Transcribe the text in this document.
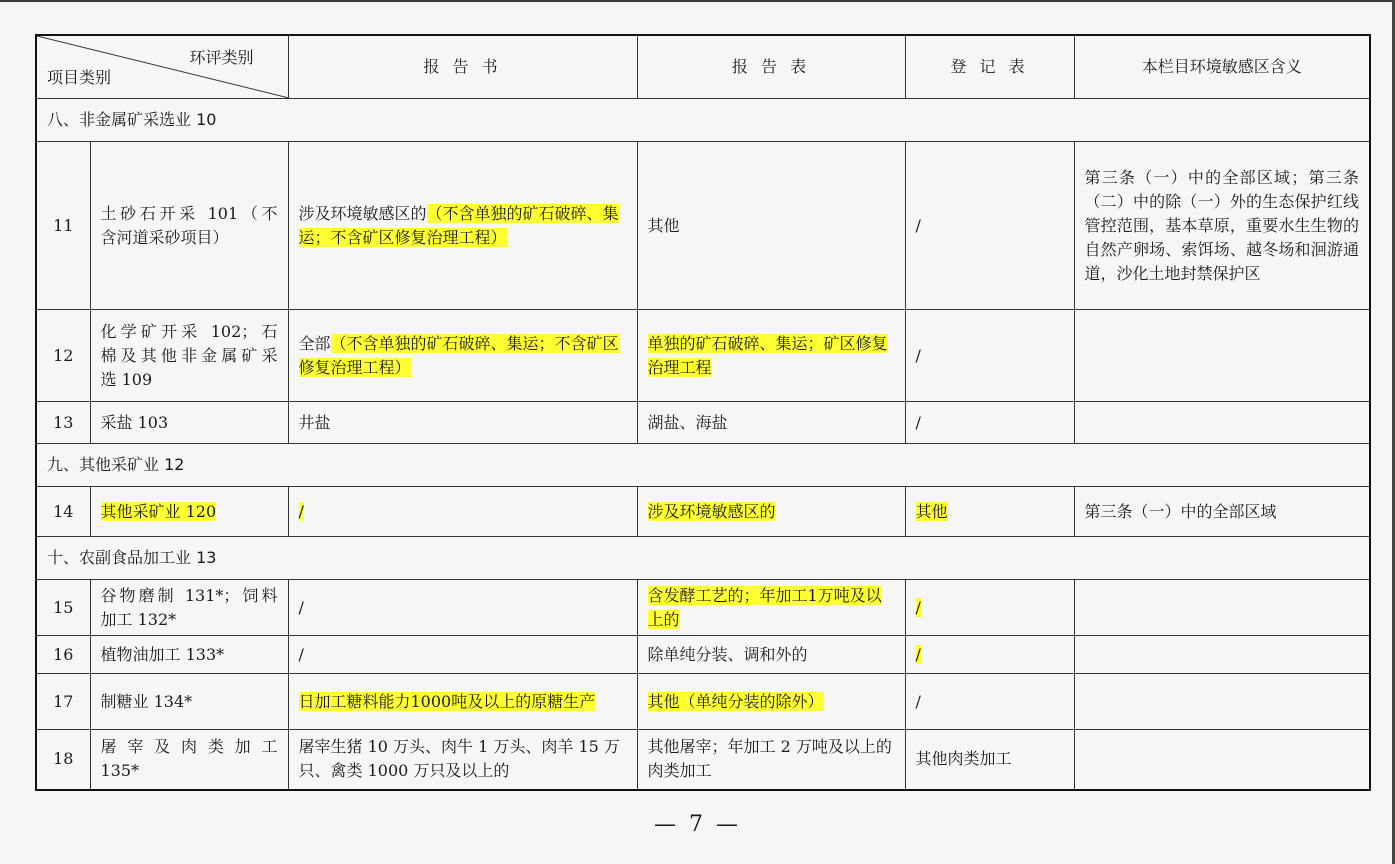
环评类别
项目类别		报 告 书	报 告 表	登 记 表	本栏目环境敏感区含义
八、非金属矿采选业 10					
11	土砂石开采 101（不
含河道采砂项目）	涉及环境敏感区的（不含单独的矿石破碎、集运；不含矿区修复治理工程）	其他	/	第三条（一）中的全部区域；第三条（二）中的除（一）外的生态保护红线管控范围，基本草原，重要水生生物的自然产卵场、索饵场、越冬场和洄游通道，沙化土地封禁保护区
12	化学矿开采 102；石
棉及其他非金属矿采
选 109	全部（不含单独的矿石破碎、集运；不含矿区修复治理工程）	单独的矿石破碎、集运；矿区修复治理工程	/	
13	采盐 103	井盐	湖盐、海盐	/	
九、其他采矿业 12					
14	其他采矿业 120	/	涉及环境敏感区的	其他	第三条（一）中的全部区域
十、农副食品加工业 13					
15	谷物磨制 131*；饲料
加工 132*	/	含发酵工艺的；年加工1万吨及以上的	/	
16	植物油加工 133*	/	除单纯分装、调和外的	/	
17	制糖业 134*	日加工糖料能力1000吨及以上的原糖生产	其他（单纯分装的除外）	/	
18	屠宰及肉类加工
135*	屠宰生猪 10 万头、肉牛 1 万头、肉羊 15 万只、禽类 1000 万只及以上的	其他屠宰；年加工 2 万吨及以上的肉类加工	其他肉类加工	
— 7 —
